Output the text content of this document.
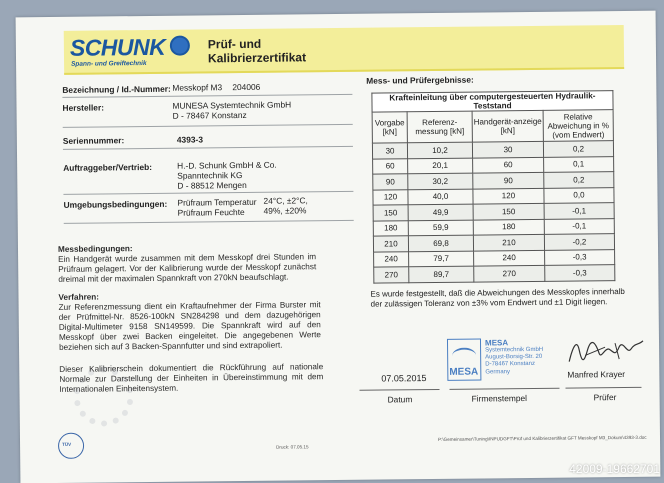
SCHUNK
Spann- und Greiftechnik
Prüf- und
Kalibrierzertifikat
Bezeichnung / Id.-Nummer: Messkopf M3 204006
Hersteller:	MUNESA Systemtechnik GmbH
D - 78467 Konstanz
Seriennummer:	4393-3
Auftraggeber/Vertrieb:	H.-D. Schunk GmbH & Co.
Spanntechnik KG
D - 88512 Mengen
Umgebungsbedingungen: Prüfraum Temperatur 24°C, ±2°C,
Prüfraum Feuchte 49%, ±20%
Messbedingungen:
Ein Handgerät wurde zusammen mit dem Messkopf drei Stunden im Prüfraum gelagert. Vor der Kalibrierung wurde der Messkopf zunächst dreimal mit der maximalen Spannkraft von 270kN beaufschlagt.
Verfahren:
Zur Referenzmessung dient ein Kraftaufnehmer der Firma Burster mit der Prüfmittel-Nr. 8526-100kN SN284298 und dem dazugehörigen Digital-Multimeter 9158 SN149599. Die Spannkraft wird auf den Messkopf über zwei Backen eingeleitet. Die angegebenen Werte beziehen sich auf 3 Backen-Spannfutter und sind extrapoliert.
Dieser Kalibrierschein dokumentiert die Rückführung auf nationale Normale zur Darstellung der Einheiten in Übereinstimmung mit dem Internationalen Einheitensystem.
Mess- und Prüfergebnisse:
Krafteinleitung über computergesteuerten Hydraulik-Teststand			
Vorgabe [kN]	Referenz-messung [kN]	Handgerät-anzeige [kN]	Relative Abweichung in % (vom Endwert)
30	10,2	30	0,2
60	20,1	60	0,1
90	30,2	90	0,2
120	40,0	120	0,0
150	49,9	150	-0,1
180	59,9	180	-0,1
210	69,8	210	-0,2
240	79,7	240	-0,3
270	89,7	270	-0,3
Es wurde festgestellt, daß die Abweichungen des Messkopfes innerhalb der zulässigen Toleranz von ±3% vom Endwert und ±1 Digit liegen.
07.05.2015
MESA
MESA
Systemtechnik GmbH
August-Borsig-Str. 20
D-78467 Konstanz
Germany	Manfred Krayer
Datum	Firmenstempel	Prüfer
TÜV	Druck: 07.05.15
P:\Gemeinsamer\Tuning\INPUDGFT\Prüf und Kalibrierzertifikat GFT Messkopf M3_Dokum\4393-3.doc
42009-19662701
